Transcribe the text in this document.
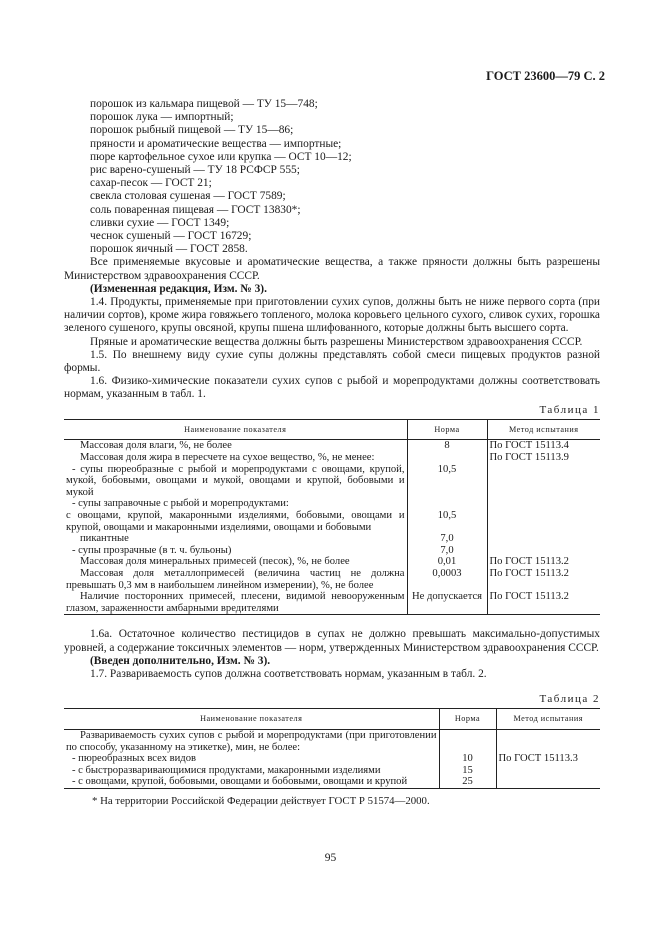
ГОСТ 23600—79 С. 2

порошок из кальмара пищевой — ТУ 15—748;

порошок лука — импортный;

порошок рыбный пищевой — ТУ 15—86;

пряности и ароматические вещества — импортные;

пюре картофельное сухое или крупка — ОСТ 10—12;

рис варено-сушеный — ТУ 18 РСФСР 555;

сахар-песок — ГОСТ 21;

свекла столовая сушеная — ГОСТ 7589;

соль поваренная пищевая — ГОСТ 13830*;

сливки сухие — ГОСТ 1349;

чеснок сушеный — ГОСТ 16729;

порошок яичный — ГОСТ 2858.

Все применяемые вкусовые и ароматические вещества, а также пряности должны быть разрешены Министерством здравоохранения СССР.

(Измененная редакция, Изм. № 3).

1.4. Продукты, применяемые при приготовлении сухих супов, должны быть не ниже первого сорта (при наличии сортов), кроме жира говяжьего топленого, молока коровьего цельного сухого, сливок сухих, горошка зеленого сушеного, крупы овсяной, крупы пшена шлифованного, которые должны быть высшего сорта.

Пряные и ароматические вещества должны быть разрешены Министерством здравоохранения СССР.

1.5. По внешнему виду сухие супы должны представлять собой смеси пищевых продуктов разной формы.

1.6. Физико-химические показатели сухих супов с рыбой и морепродуктами должны соответствовать нормам, указанным в табл. 1.

Таблица 1
Наименование показателя	Норма	Метод испытания
Массовая доля влаги, %, не более	8	По ГОСТ 15113.4
Массовая доля жира в пересчете на сухое вещество, %, не менее:		По ГОСТ 15113.9
- супы пюреобразные с рыбой и морепродуктами с овощами, крупой, мукой, бобовыми, овощами и мукой, овощами и крупой, бобовыми и мукой	10,5	
- супы заправочные с рыбой и морепродуктами:		
с овощами, крупой, макаронными изделиями, бобовыми, овощами и крупой, овощами и макаронными изделиями, овощами и бобовыми	10,5	
пикантные	7,0	
- супы прозрачные (в т. ч. бульоны)	7,0	
Массовая доля минеральных примесей (песок), %, не более	0,01	По ГОСТ 15113.2
Массовая доля металлопримесей (величина частиц не должна превышать 0,3 мм в наибольшем линейном измерении), %, не более	0,0003	По ГОСТ 15113.2
Наличие посторонних примесей, плесени, видимой невооруженным глазом, зараженности амбарными вредителями	Не допускается	По ГОСТ 15113.2

1.6а. Остаточное количество пестицидов в супах не должно превышать максимально-допустимых уровней, а содержание токсичных элементов — норм, утвержденных Министерством здравоохранения СССР.

(Введен дополнительно, Изм. № 3).

1.7. Развариваемость супов должна соответствовать нормам, указанным в табл. 2.

Таблица 2
Наименование показателя	Норма	Метод испытания
Развариваемость сухих супов с рыбой и морепродуктами (при приготовлении по способу, указанному на этикетке), мин, не более:		
- пюреобразных всех видов	10	По ГОСТ 15113.3
- с быстроразваривающимися продуктами, макаронными изделиями	15	
- с овощами, крупой, бобовыми, овощами и бобовыми, овощами и крупой	25	
* На территории Российской Федерации действует ГОСТ Р 51574—2000.
95
